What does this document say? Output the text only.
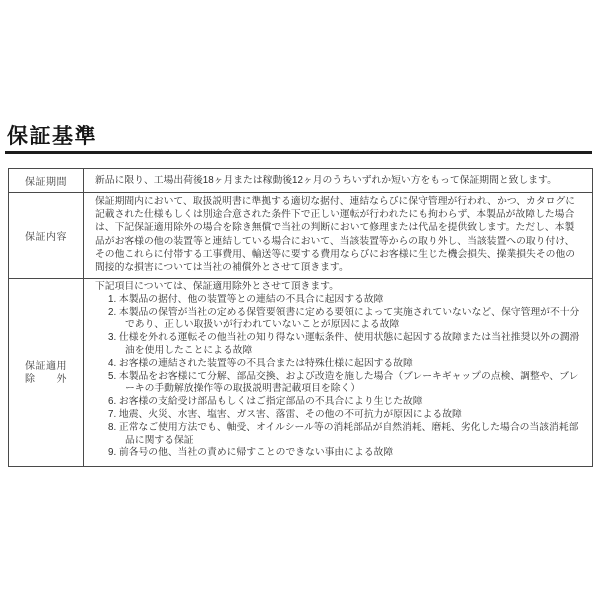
保証基準
保証期間	新品に限り、工場出荷後18ヶ月または稼動後12ヶ月のうちいずれか短い方をもって保証期間と致します。
保証内容
保証期間内において、取扱説明書に準拠する適切な据付、連結ならびに保守管理が行われ、かつ、カタログに
記載された仕様もしくは別途合意された条件下で正しい運転が行われたにも拘わらず、本製品が故障した場合
は、下記保証適用除外の場合を除き無償で当社の判断において修理または代品を提供致します。ただし、本製
品がお客様の他の装置等と連結している場合において、当該装置等からの取り外し、当該装置への取り付け、
その他これらに付帯する工事費用、輸送等に要する費用ならびにお客様に生じた機会損失、操業損失その他の
間接的な損害については当社の補償外とさせて頂きます。
保証適用
除　　外
下記項目については、保証適用除外とさせて頂きます。
1. 本製品の据付、他の装置等との連結の不具合に起因する故障
2. 本製品の保管が当社の定める保管要領書に定める要領によって実施されていないなど、保守管理が不十分
であり、正しい取扱いが行われていないことが原因による故障
3. 仕様を外れる運転その他当社の知り得ない運転条件、使用状態に起因する故障または当社推奨以外の潤滑
油を使用したことによる故障
4. お客様の連結された装置等の不具合または特殊仕様に起因する故障
5. 本製品をお客様にて分解、部品交換、および改造を施した場合（ブレーキギャップの点検、調整や、ブレ
ーキの手動解放操作等の取扱説明書記載項目を除く）
6. お客様の支給受け部品もしくはご指定部品の不具合により生じた故障
7. 地震、火災、水害、塩害、ガス害、落雷、その他の不可抗力が原因による故障
8. 正常なご使用方法でも、軸受、オイルシール等の消耗部品が自然消耗、磨耗、劣化した場合の当該消耗部
品に関する保証
9. 前各号の他、当社の責めに帰すことのできない事由による故障
